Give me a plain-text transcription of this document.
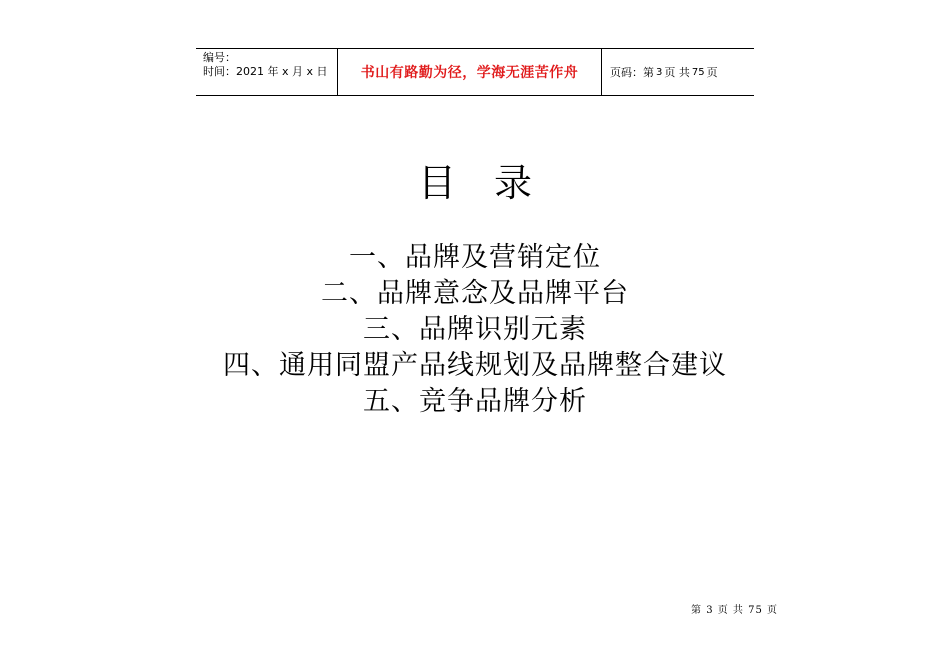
编号：
时间：2021 年 x 月 x 日	书山有路勤为径，学海无涯苦作舟	页码：第 3 页 共 75 页
目录
一、品牌及营销定位
二、品牌意念及品牌平台
三、品牌识别元素
四、通用同盟产品线规划及品牌整合建议
五、竞争品牌分析
第 3 页 共 75 页
